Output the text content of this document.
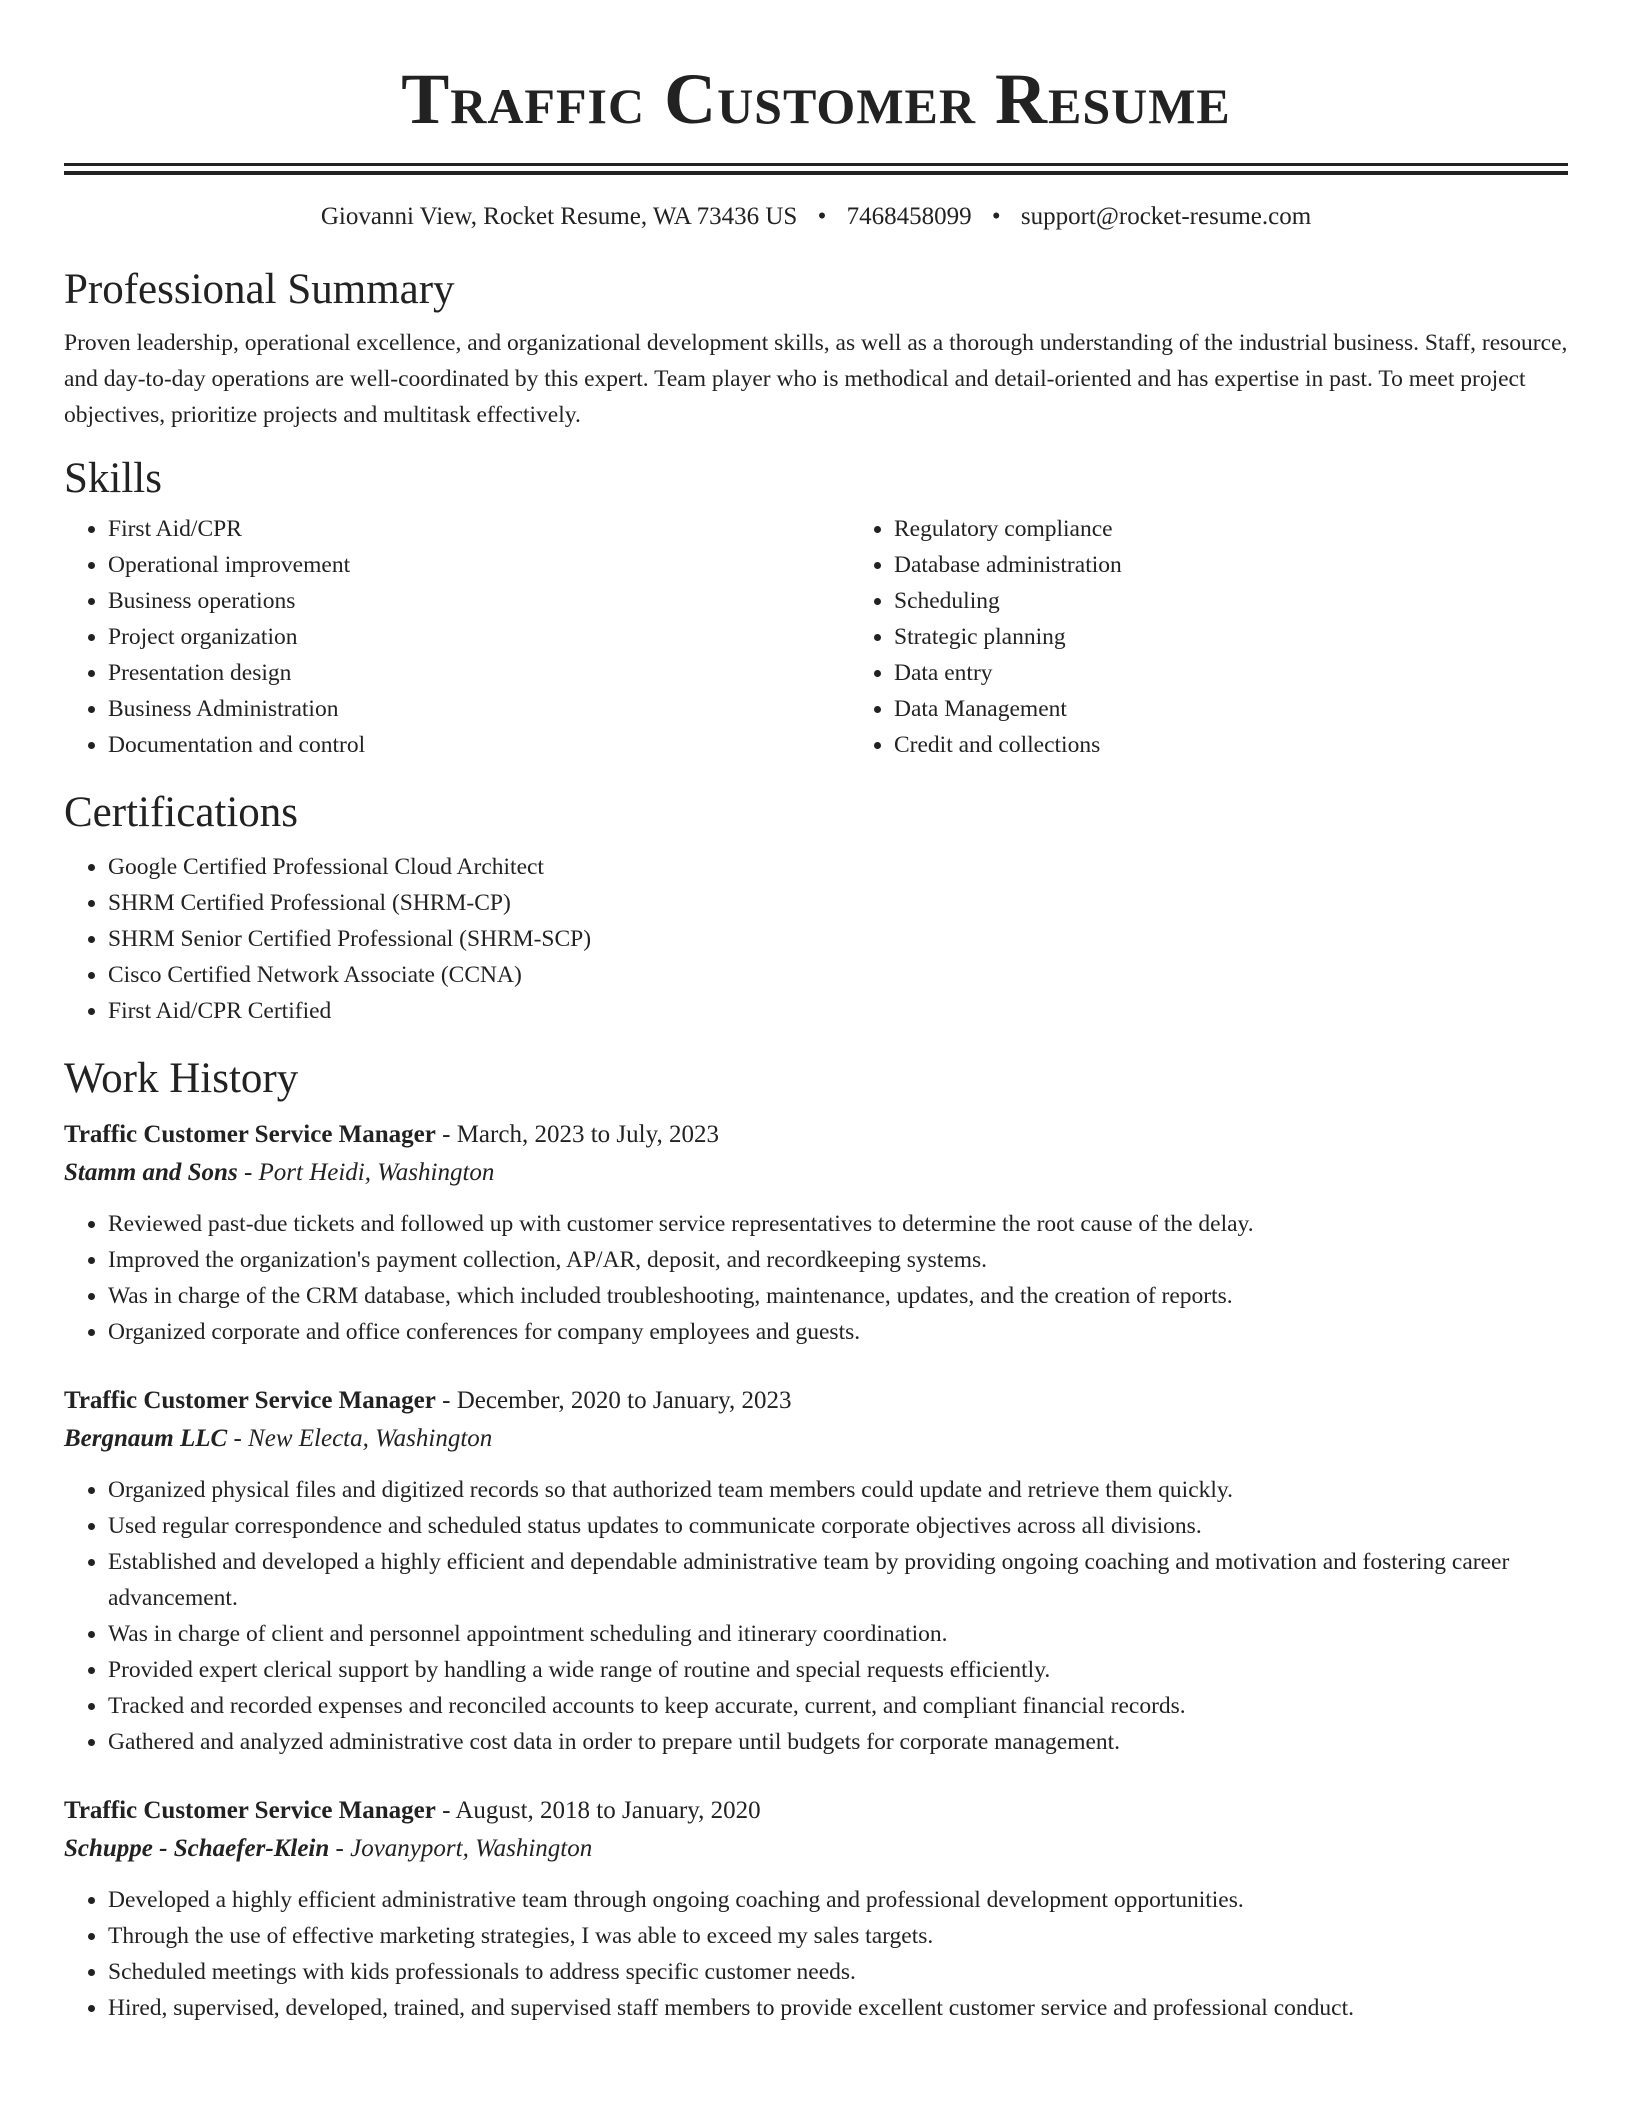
Traffic Customer Resume
Giovanni View, Rocket Resume, WA 73436 US • 7468458099 • support@rocket-resume.com
Professional Summary

Proven leadership, operational excellence, and organizational development skills, as well as a thorough understanding of the industrial business. Staff, resource, and day-to-day operations are well-coordinated by this expert. Team player who is methodical and detail-oriented and has expertise in past. To meet project objectives, prioritize projects and multitask effectively.

Skills
• First Aid/CPR
• Operational improvement
• Business operations
• Project organization
• Presentation design
• Business Administration
• Documentation and control
• Regulatory compliance
• Database administration
• Scheduling
• Strategic planning
• Data entry
• Data Management
• Credit and collections
Certifications
• Google Certified Professional Cloud Architect
• SHRM Certified Professional (SHRM-CP)
• SHRM Senior Certified Professional (SHRM-SCP)
• Cisco Certified Network Associate (CCNA)
• First Aid/CPR Certified
Work History

Traffic Customer Service Manager - March, 2023 to July, 2023

Stamm and Sons - Port Heidi, Washington

• Reviewed past-due tickets and followed up with customer service representatives to determine the root cause of the delay.
• Improved the organization's payment collection, AP/AR, deposit, and recordkeeping systems.
• Was in charge of the CRM database, which included troubleshooting, maintenance, updates, and the creation of reports.
• Organized corporate and office conferences for company employees and guests.

Traffic Customer Service Manager - December, 2020 to January, 2023

Bergnaum LLC - New Electa, Washington

• Organized physical files and digitized records so that authorized team members could update and retrieve them quickly.
• Used regular correspondence and scheduled status updates to communicate corporate objectives across all divisions.
• Established and developed a highly efficient and dependable administrative team by providing ongoing coaching and motivation and fostering career advancement.
• Was in charge of client and personnel appointment scheduling and itinerary coordination.
• Provided expert clerical support by handling a wide range of routine and special requests efficiently.
• Tracked and recorded expenses and reconciled accounts to keep accurate, current, and compliant financial records.
• Gathered and analyzed administrative cost data in order to prepare until budgets for corporate management.

Traffic Customer Service Manager - August, 2018 to January, 2020

Schuppe - Schaefer-Klein - Jovanyport, Washington

• Developed a highly efficient administrative team through ongoing coaching and professional development opportunities.
• Through the use of effective marketing strategies, I was able to exceed my sales targets.
• Scheduled meetings with kids professionals to address specific customer needs.
• Hired, supervised, developed, trained, and supervised staff members to provide excellent customer service and professional conduct.
